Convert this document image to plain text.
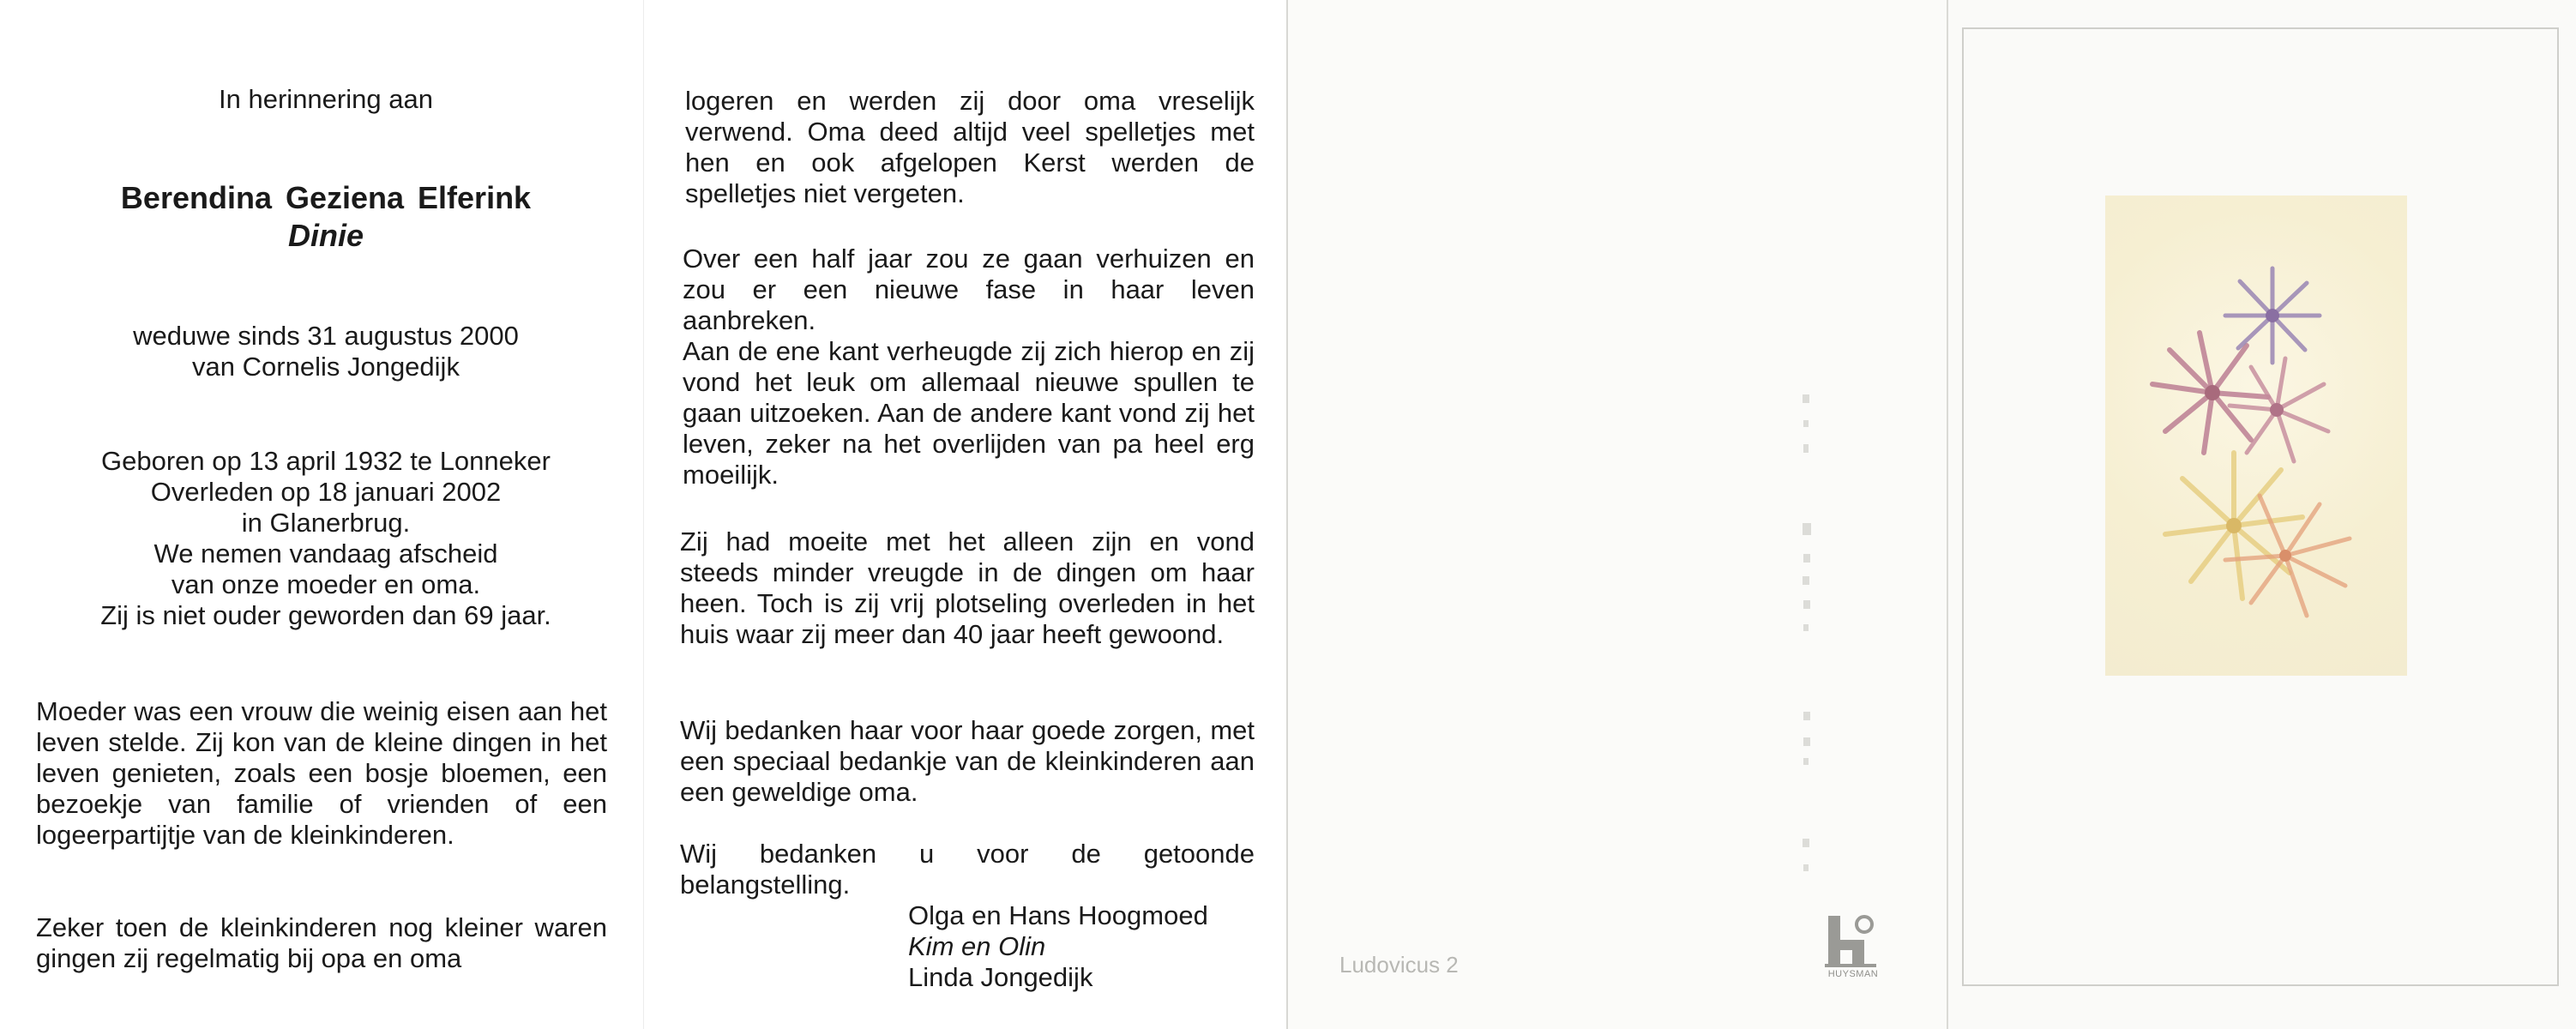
In herinnering aan
Berendina Geziena Elferink
Dinie
weduwe sinds 31 augustus 2000
van Cornelis Jongedijk
Geboren op 13 april 1932 te Lonneker
Overleden op 18 januari 2002
in Glanerbrug.
We nemen vandaag afscheid
van onze moeder en oma.
Zij is niet ouder geworden dan 69 jaar.

Moeder was een vrouw die weinig eisen aan het leven stelde. Zij kon van de kleine dingen in het leven genieten, zoals een bosje bloemen, een bezoekje van familie of vrienden of een logeerpartijtje van de kleinkinderen.

Zeker toen de kleinkinderen nog kleiner waren gingen zij regelmatig bij opa en oma

logeren en werden zij door oma vreselijk verwend. Oma deed altijd veel spelletjes met hen en ook afgelopen Kerst werden de spelletjes niet vergeten.

Over een half jaar zou ze gaan verhuizen en zou er een nieuwe fase in haar leven aanbreken.

Aan de ene kant verheugde zij zich hierop en zij vond het leuk om allemaal nieuwe spullen te gaan uitzoeken. Aan de andere kant vond zij het leven, zeker na het overlijden van pa heel erg moeilijk.

Zij had moeite met het alleen zijn en vond steeds minder vreugde in de dingen om haar heen. Toch is zij vrij plotseling overleden in het huis waar zij meer dan 40 jaar heeft gewoond.

Wij bedanken haar voor haar goede zorgen, met een speciaal bedankje van de kleinkinderen aan een geweldige oma.

Wij bedanken u voor de getoonde belangstelling.

Olga en Hans Hoogmoed
Kim en Olin
Linda Jongedijk	Ludovicus 2	HUYSMAN
